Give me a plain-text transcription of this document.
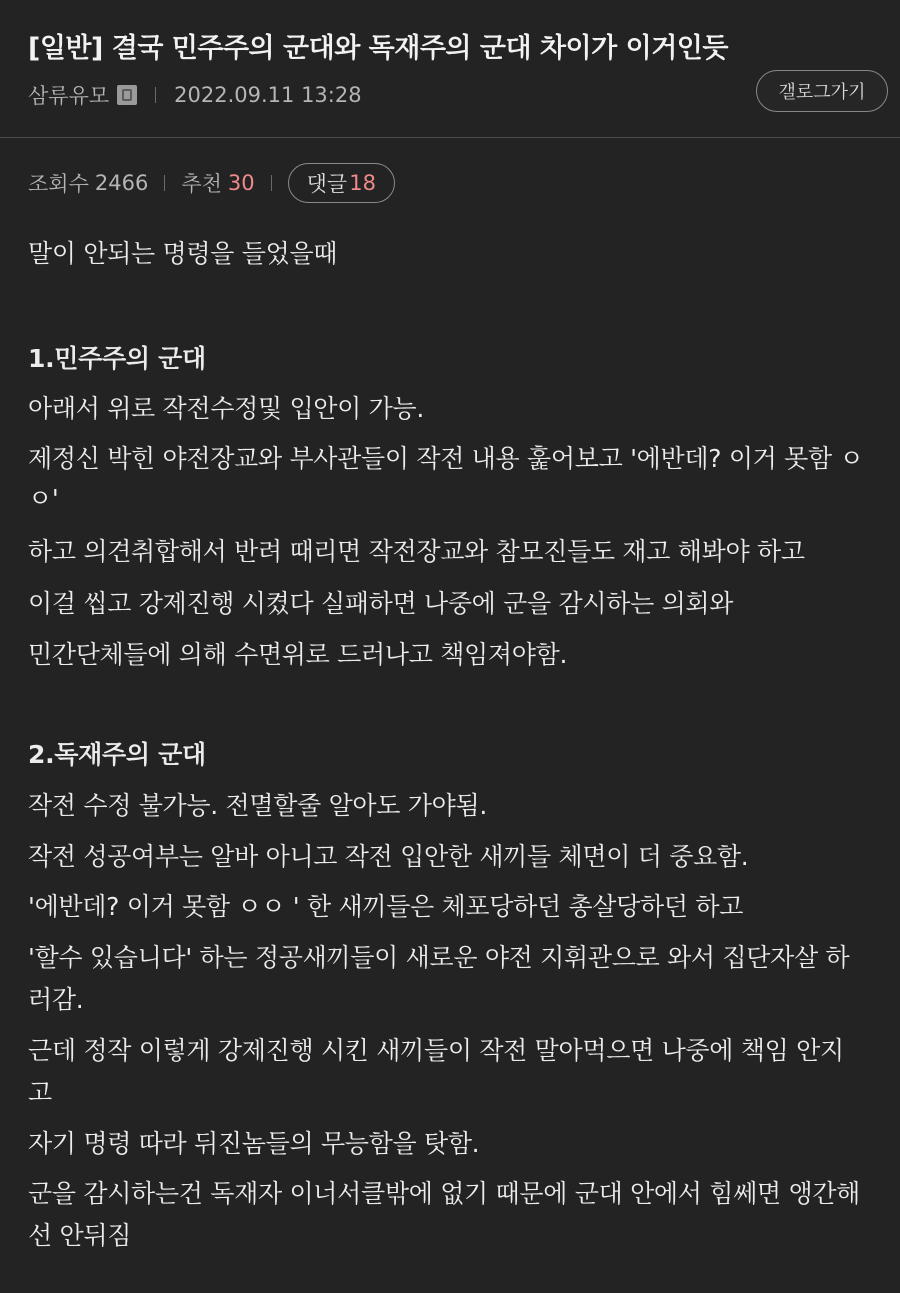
[일반] 결국 민주주의 군대와 독재주의 군대 차이가 이거인듯
삼류유모	2022.09.11 13:28	갤로그가기
조회수 2466 추천 30 댓글 18
말이 안되는 명령을 들었을때
1.민주주의 군대
아래서 위로 작전수정및 입안이 가능.
제정신 박힌 야전장교와 부사관들이 작전 내용 훑어보고 '에반데? 이거 못함 ㅇ
ㅇ'
하고 의견취합해서 반려 때리면 작전장교와 참모진들도 재고 해봐야 하고
이걸 씹고 강제진행 시켰다 실패하면 나중에 군을 감시하는 의회와
민간단체들에 의해 수면위로 드러나고 책임져야함.
2.독재주의 군대
작전 수정 불가능. 전멸할줄 알아도 가야됨.
작전 성공여부는 알바 아니고 작전 입안한 새끼들 체면이 더 중요함.
'에반데? 이거 못함 ㅇㅇ ' 한 새끼들은 체포당하던 총살당하던 하고
'할수 있습니다' 하는 정공새끼들이 새로운 야전 지휘관으로 와서 집단자살 하
러감.
근데 정작 이렇게 강제진행 시킨 새끼들이 작전 말아먹으면 나중에 책임 안지
고
자기 명령 따라 뒤진놈들의 무능함을 탓함.
군을 감시하는건 독재자 이너서클밖에 없기 때문에 군대 안에서 힘쎄면 앵간해
선 안뒤짐
